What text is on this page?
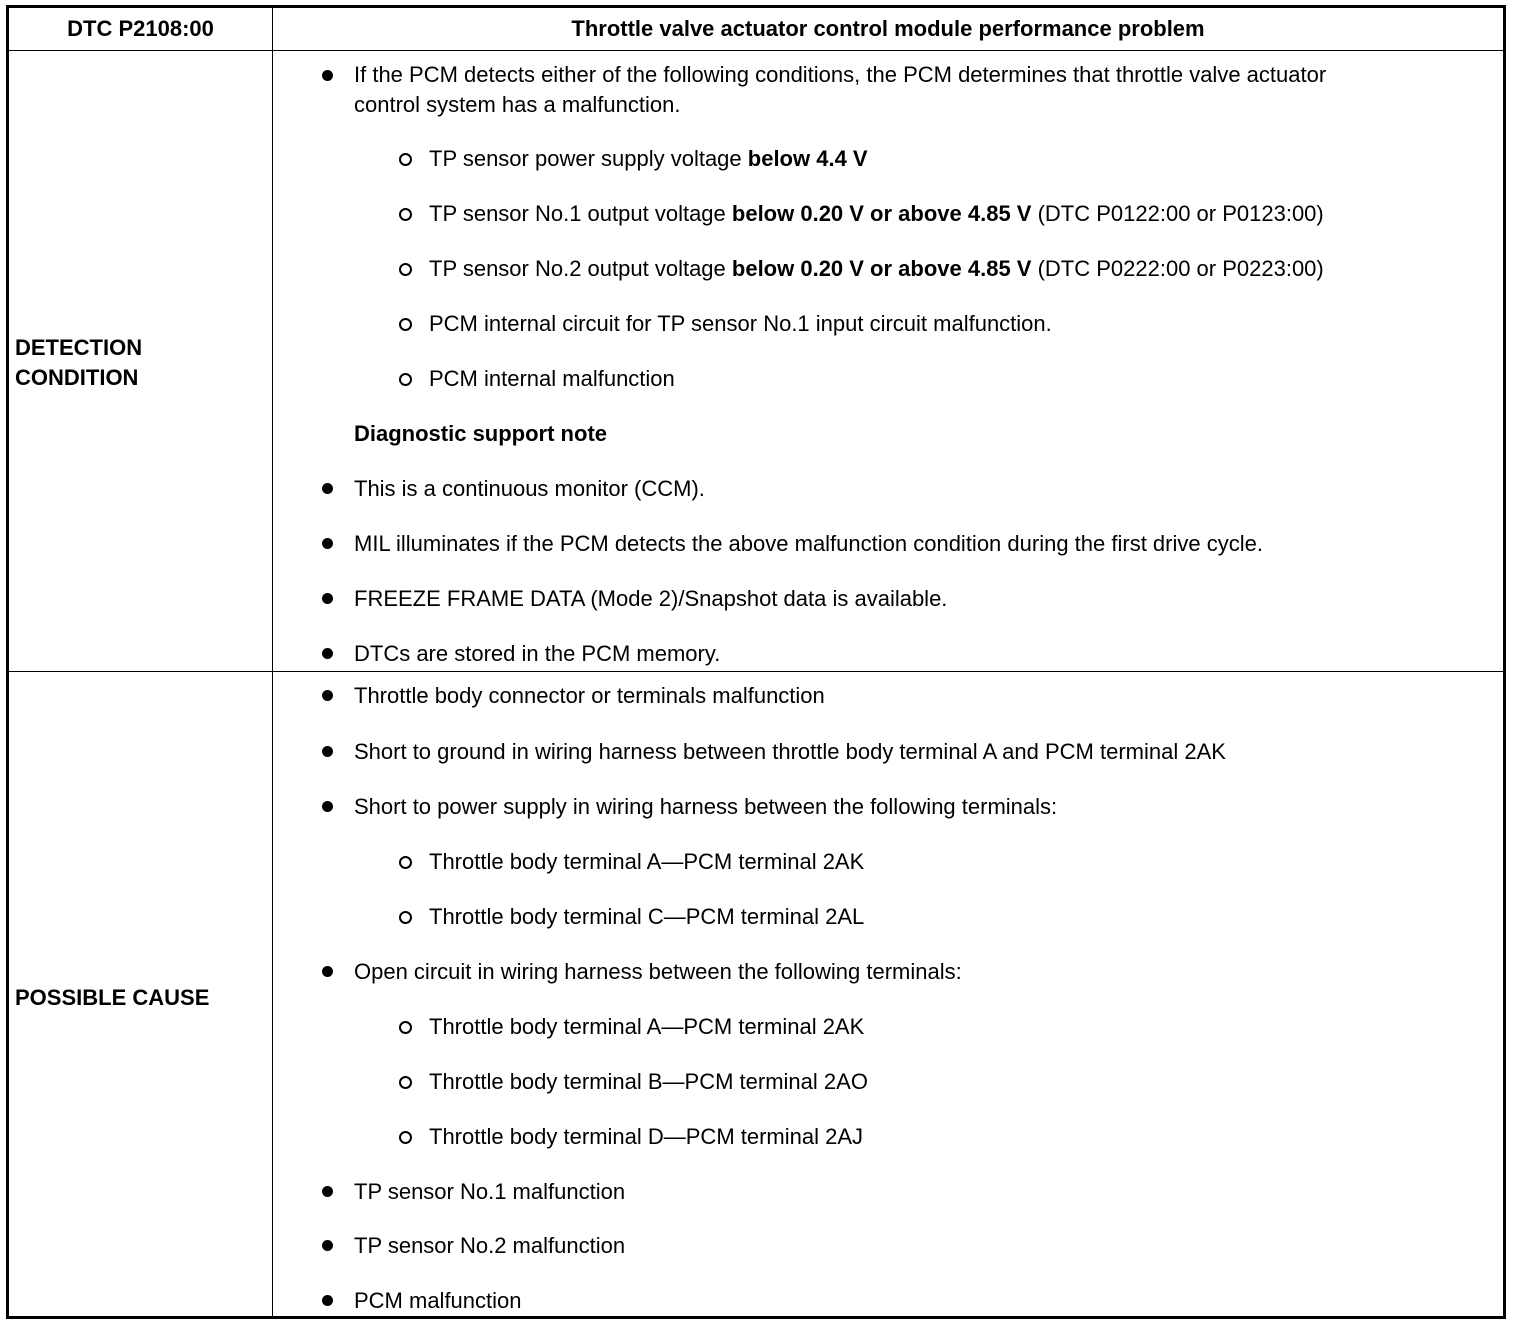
DTC P2108:00	Throttle valve actuator control module performance problem
DETECTION
CONDITION
If the PCM detects either of the following conditions, the PCM determines that throttle valve actuator
control system has a malfunction.
TP sensor power supply voltage below 4.4 V
TP sensor No.1 output voltage below 0.20 V or above 4.85 V (DTC P0122:00 or P0123:00)
TP sensor No.2 output voltage below 0.20 V or above 4.85 V (DTC P0222:00 or P0223:00)
PCM internal circuit for TP sensor No.1 input circuit malfunction.
PCM internal malfunction
Diagnostic support note
This is a continuous monitor (CCM).
MIL illuminates if the PCM detects the above malfunction condition during the first drive cycle.
FREEZE FRAME DATA (Mode 2)/Snapshot data is available.
DTCs are stored in the PCM memory.
POSSIBLE CAUSE
Throttle body connector or terminals malfunction
Short to ground in wiring harness between throttle body terminal A and PCM terminal 2AK
Short to power supply in wiring harness between the following terminals:
Throttle body terminal A—PCM terminal 2AK
Throttle body terminal C—PCM terminal 2AL
Open circuit in wiring harness between the following terminals:
Throttle body terminal A—PCM terminal 2AK
Throttle body terminal B—PCM terminal 2AO
Throttle body terminal D—PCM terminal 2AJ
TP sensor No.1 malfunction
TP sensor No.2 malfunction
PCM malfunction
